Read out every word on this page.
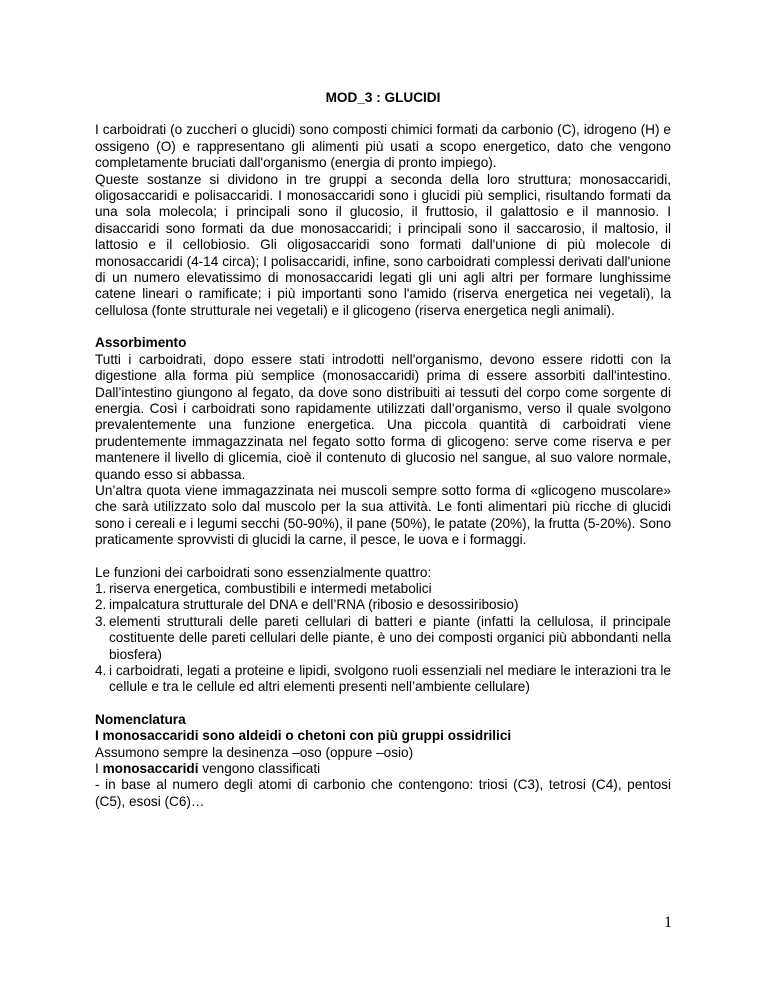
MOD_3 : GLUCIDI

I carboidrati (o zuccheri o glucidi) sono composti chimici formati da carbonio (C), idrogeno (H) e ossigeno (O) e rappresentano gli alimenti più usati a scopo energetico, dato che vengono completamente bruciati dall'organismo (energia di pronto impiego).

Queste sostanze si dividono in tre gruppi a seconda della loro struttura; monosaccaridi, oligosaccaridi e polisaccaridi. I monosaccaridi sono i glucidi più semplici, risultando formati da una sola molecola; i principali sono il glucosio, il fruttosio, il galattosio e il mannosio. I disaccaridi sono formati da due monosaccaridi; i principali sono il saccarosio, il maltosio, il lattosio e il cellobiosio. Gli oligosaccaridi sono formati dall'unione di più molecole di monosaccaridi (4-14 circa); I polisaccaridi, infine, sono carboidrati complessi derivati dall'unione di un numero elevatissimo di monosaccaridi legati gli uni agli altri per formare lunghissime catene lineari o ramificate; i più importanti sono l'amido (riserva energetica nei vegetali), la cellulosa (fonte strutturale nei vegetali) e il glicogeno (riserva energetica negli animali).

Assorbimento

Tutti i carboidrati, dopo essere stati introdotti nell'organismo, devono essere ridotti con la digestione alla forma più semplice (monosaccaridi) prima di essere assorbiti dall'intestino. Dall’intestino giungono al fegato, da dove sono distribuiti ai tessuti del corpo come sorgente di energia. Così i carboidrati sono rapidamente utilizzati dall’organismo, verso il quale svolgono prevalentemente una funzione energetica. Una piccola quantità di carboidrati viene prudentemente immagazzinata nel fegato sotto forma di glicogeno: serve come riserva e per mantenere il livello di glicemia, cioè il contenuto di glucosio nel sangue, al suo valore normale, quando esso si abbassa.

Un’altra quota viene immagazzinata nei muscoli sempre sotto forma di «glicogeno muscolare» che sarà utilizzato solo dal muscolo per la sua attività. Le fonti alimentari più ricche di glucidi sono i cereali e i legumi secchi (50-90%), il pane (50%), le patate (20%), la frutta (5-20%). Sono praticamente sprovvisti di glucidi la carne, il pesce, le uova e i formaggi.

Le funzioni dei carboidrati sono essenzialmente quattro:

1. riserva energetica, combustibili e intermedi metabolici
2. impalcatura strutturale del DNA e dell’RNA (ribosio e desossiribosio)
3. elementi strutturali delle pareti cellulari di batteri e piante (infatti la cellulosa, il principale costituente delle pareti cellulari delle piante, è uno dei composti organici più abbondanti nella biosfera)
4. i carboidrati, legati a proteine e lipidi, svolgono ruoli essenziali nel mediare le interazioni tra le cellule e tra le cellule ed altri elementi presenti nell’ambiente cellulare)

Nomenclatura

I monosaccaridi sono aldeidi o chetoni con più gruppi ossidrilici

Assumono sempre la desinenza –oso (oppure –osio)

I monosaccaridi vengono classificati

- in base al numero degli atomi di carbonio che contengono: triosi (C3), tetrosi (C4), pentosi (C5), esosi (C6)…

1
